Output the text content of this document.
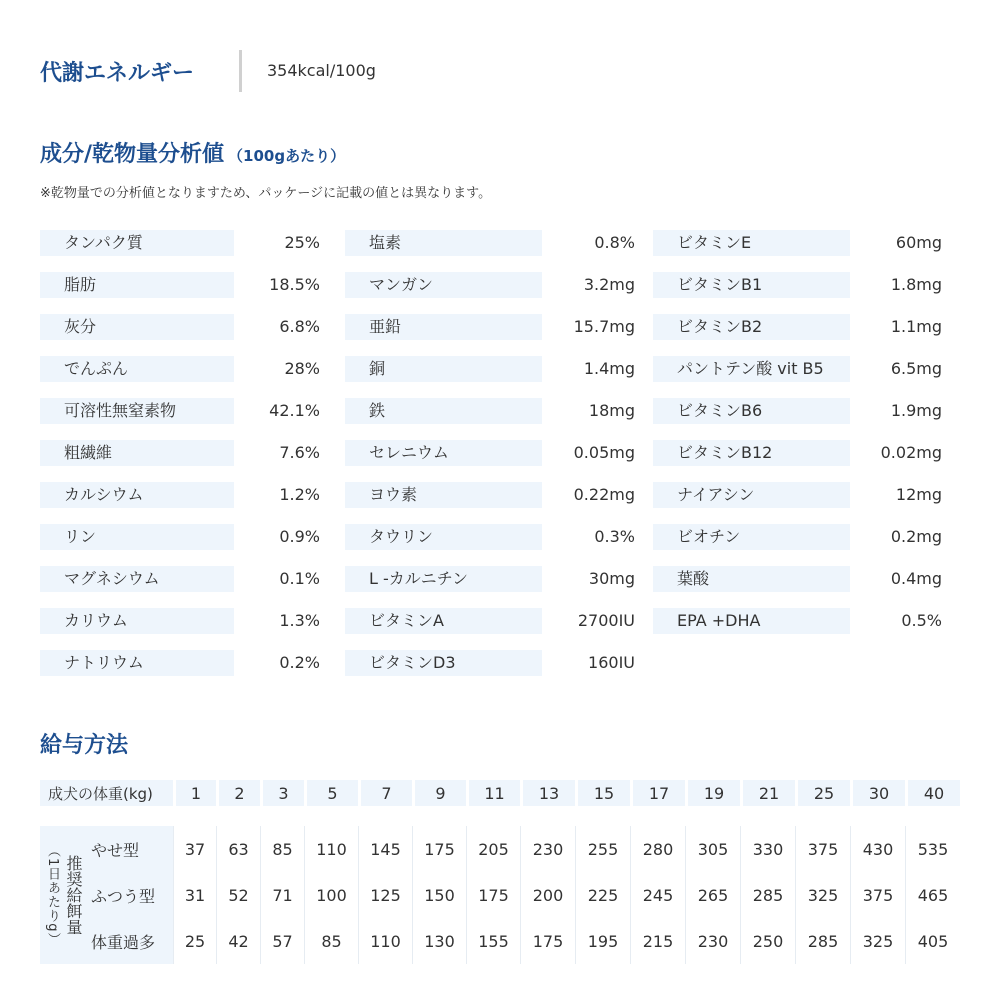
代謝エネルギー	354kcal/100g
成分/乾物量分析値 （100gあたり）
※乾物量での分析値となりますため、パッケージに記載の値とは異なります。
タンパク質	25%
脂肪	18.5%
灰分	6.8%
でんぷん	28%
可溶性無窒素物	42.1%
粗繊維	7.6%
カルシウム	1.2%
リン	0.9%
マグネシウム	0.1%
カリウム	1.3%
ナトリウム	0.2%
塩素	0.8%
マンガン	3.2mg
亜鉛	15.7mg
銅	1.4mg
鉄	18mg
セレニウム	0.05mg
ヨウ素	0.22mg
タウリン	0.3%
L -カルニチン	30mg
ビタミンA	2700IU
ビタミンD3	160IU
ビタミンE	60mg
ビタミンB1	1.8mg
ビタミンB2	1.1mg
パントテン酸 vit B5	6.5mg
ビタミンB6	1.9mg
ビタミンB12	0.02mg
ナイアシン	12mg
ビオチン	0.2mg
葉酸	0.4mg
EPA +DHA	0.5%
給与方法
成犬の体重(kg)		1	2	3	5	7	9	11	13	15	17	19	21	25	30	40

（1日あたりg） 推奨給餌量	やせ型	37	63	85	110	145	175	205	230	255	280	305	330	375	430	535
	ふつう型	31	52	71	100	125	150	175	200	225	245	265	285	325	375	465
	体重過多	25	42	57	85	110	130	155	175	195	215	230	250	285	325	405
